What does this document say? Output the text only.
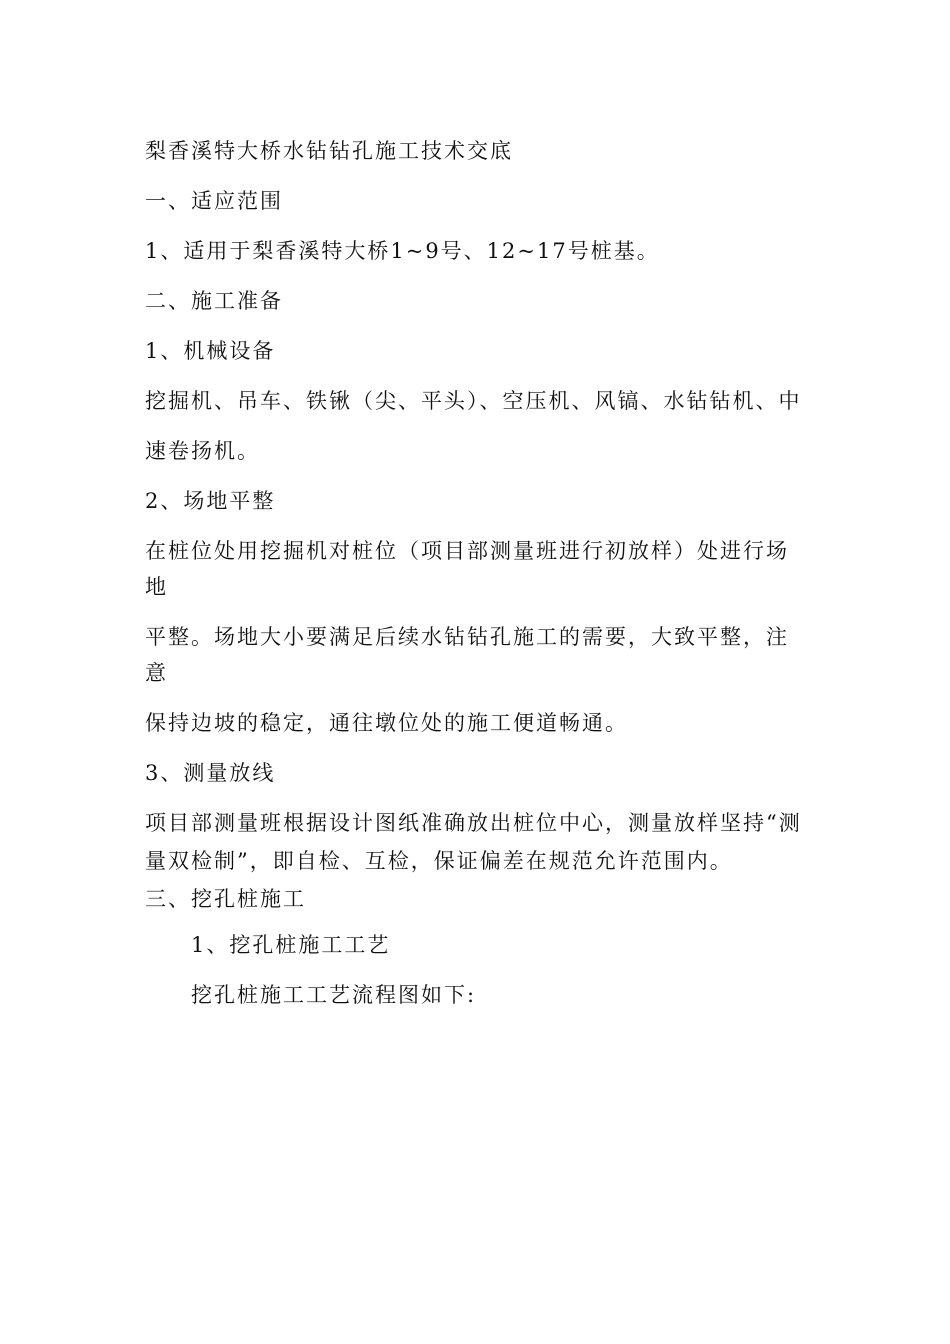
梨香溪特大桥水钻钻孔施工技术交底

一、适应范围

1、适用于梨香溪特大桥1~9号、12~17号桩基。

二、施工准备

1、机械设备

挖掘机、吊车、铁锹（尖、平头）、空压机、风镐、水钻钻机、中

速卷扬机。

2、场地平整

在桩位处用挖掘机对桩位（项目部测量班进行初放样）处进行场地

平整。场地大小要满足后续水钻钻孔施工的需要，大致平整，注意

保持边坡的稳定，通往墩位处的施工便道畅通。

3、测量放线

项目部测量班根据设计图纸准确放出桩位中心，测量放样坚持“测

量双检制”，即自检、互检，保证偏差在规范允许范围内。

三、挖孔桩施工

1、挖孔桩施工工艺

挖孔桩施工工艺流程图如下:
